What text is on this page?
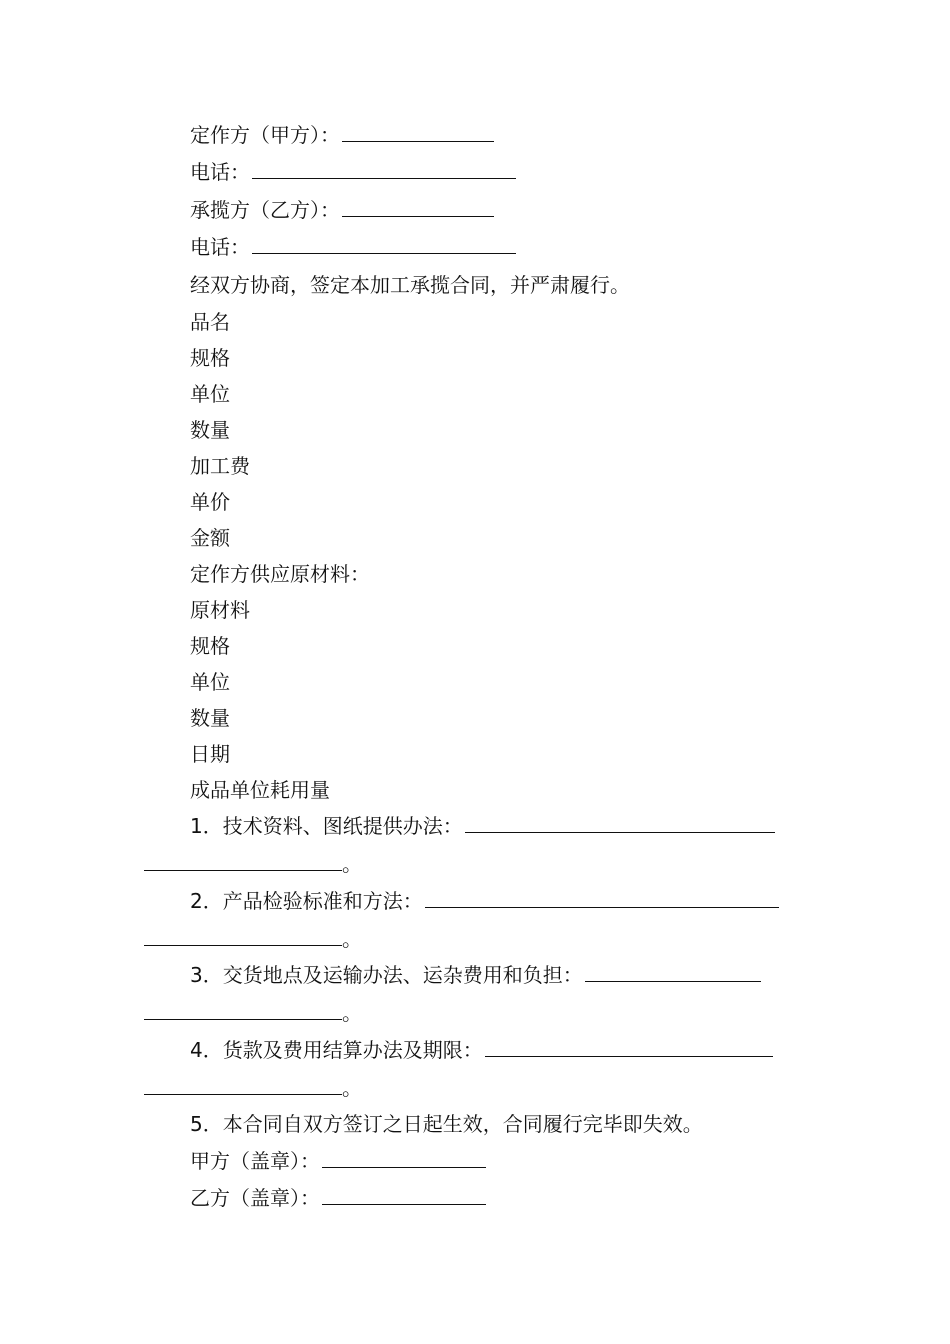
定作方（甲方）：
电话：
承揽方（乙方）：
电话：
经双方协商，签定本加工承揽合同，并严肃履行。
品名
规格
单位
数量
加工费
单价
金额
定作方供应原材料：
原材料
规格
单位
数量
日期
成品单位耗用量
1．技术资料、图纸提供办法：
。
2．产品检验标准和方法：
。
3．交货地点及运输办法、运杂费用和负担：
。
4．货款及费用结算办法及期限：
。
5．本合同自双方签订之日起生效，合同履行完毕即失效。
甲方（盖章）：
乙方（盖章）：
